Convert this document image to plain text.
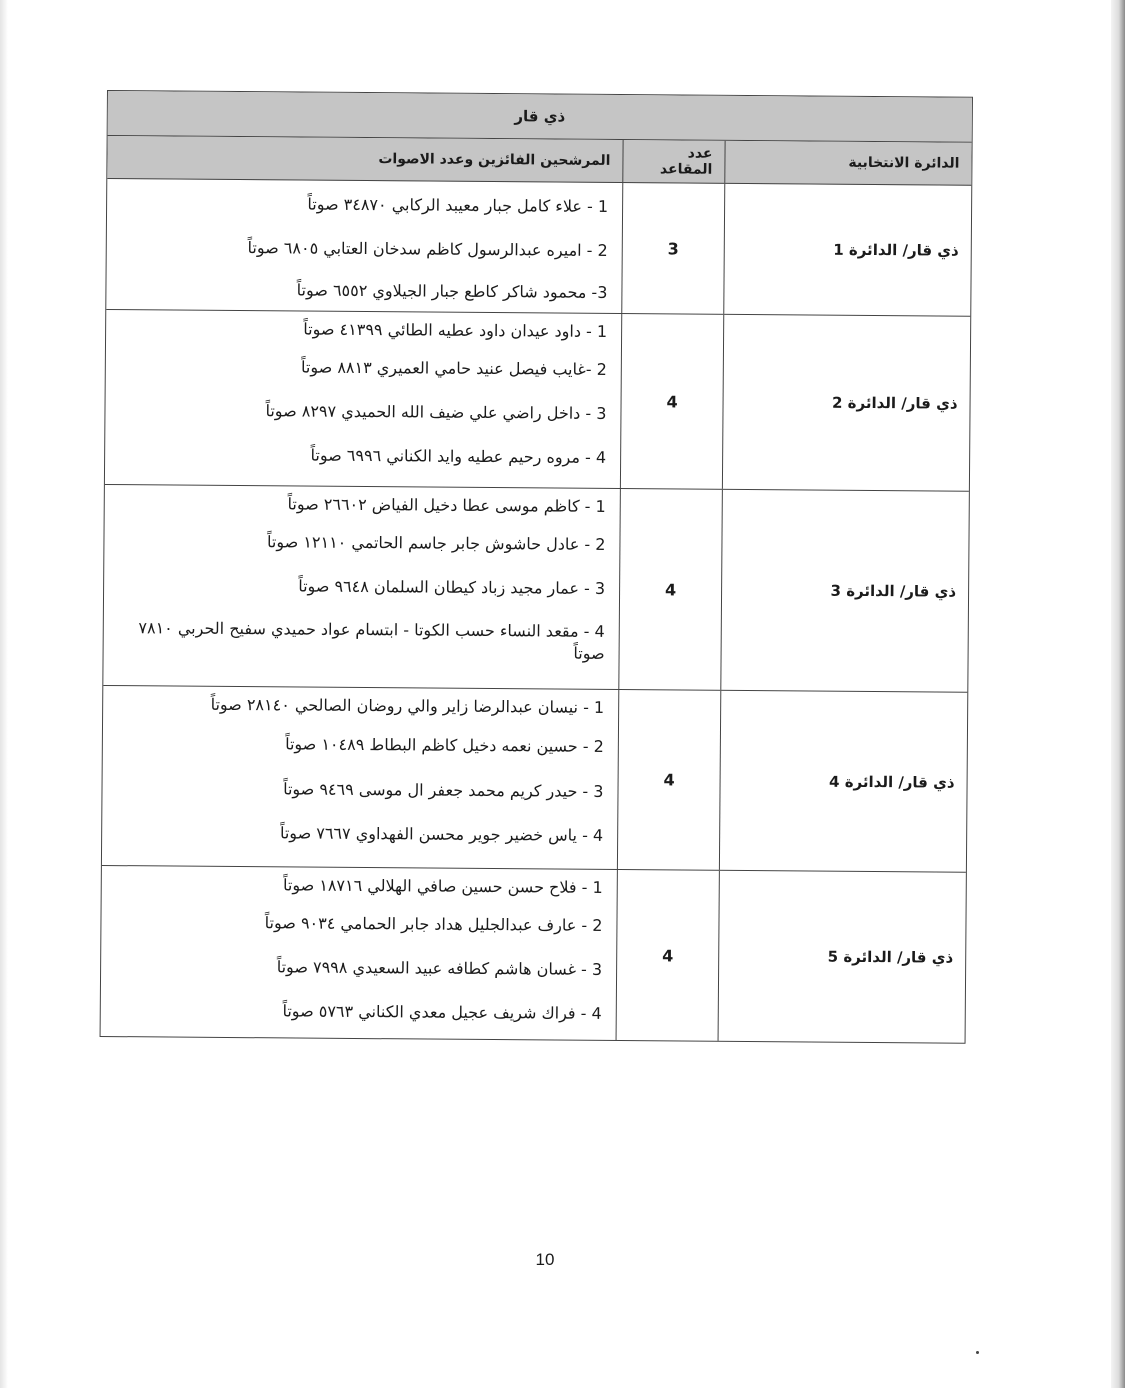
ذي قار
الدائرة الانتخابية
عدد المقاعد
المرشحين الفائزين وعدد الاصوات
ذي قار/ الدائرة 1
3
1 - علاء كامل جبار معيبد الركابي ٣٤٨٧٠ صوتاً
2 - اميره عبدالرسول كاظم سدخان العتابي ٦٨٠٥ صوتاً
3- محمود شاكر كاطع جبار الجيلاوي ٦٥٥٢ صوتاً
ذي قار/ الدائرة 2
4
1 - داود عيدان داود عطيه الطائي ٤١٣٩٩ صوتاً
2 -غايب فيصل عنيد حامي العميري ٨٨١٣ صوتاً
3 - داخل راضي علي ضيف الله الحميدي ٨٢٩٧ صوتاً
4 - مروه رحيم عطيه وايد الكناني ٦٩٩٦ صوتاً
ذي قار/ الدائرة 3
4
1 - كاظم موسى عطا دخيل الفياض ٢٦٦٠٢ صوتاً
2 - عادل حاشوش جابر جاسم الحاتمي ١٢١١٠ صوتاً
3 - عمار مجيد زباد كيطان السلمان ٩٦٤٨ صوتاً
4 - مقعد النساء حسب الكوتا - ابتسام عواد حميدي سفيح الحربي ٧٨١٠ صوتاً
ذي قار/ الدائرة 4
4
1 - نيسان عبدالرضا زاير والي روضان الصالحي ٢٨١٤٠ صوتاً
2 - حسين نعمه دخيل كاظم البطاط ١٠٤٨٩ صوتاً
3 - حيدر كريم محمد جعفر ال موسى ٩٤٦٩ صوتاً
4 - ياس خضير جوير محسن الفهداوي ٧٦٦٧ صوتاً
ذي قار/ الدائرة 5
4
1 - فلاح حسن حسين صافي الهلالي ١٨٧١٦ صوتاً
2 - عارف عبدالجليل هداد جابر الحمامي ٩٠٣٤ صوتاً
3 - غسان هاشم كطافه عبيد السعيدي ٧٩٩٨ صوتاً
4 - فراك شريف عجيل معدي الكناني ٥٧٦٣ صوتاً
10
